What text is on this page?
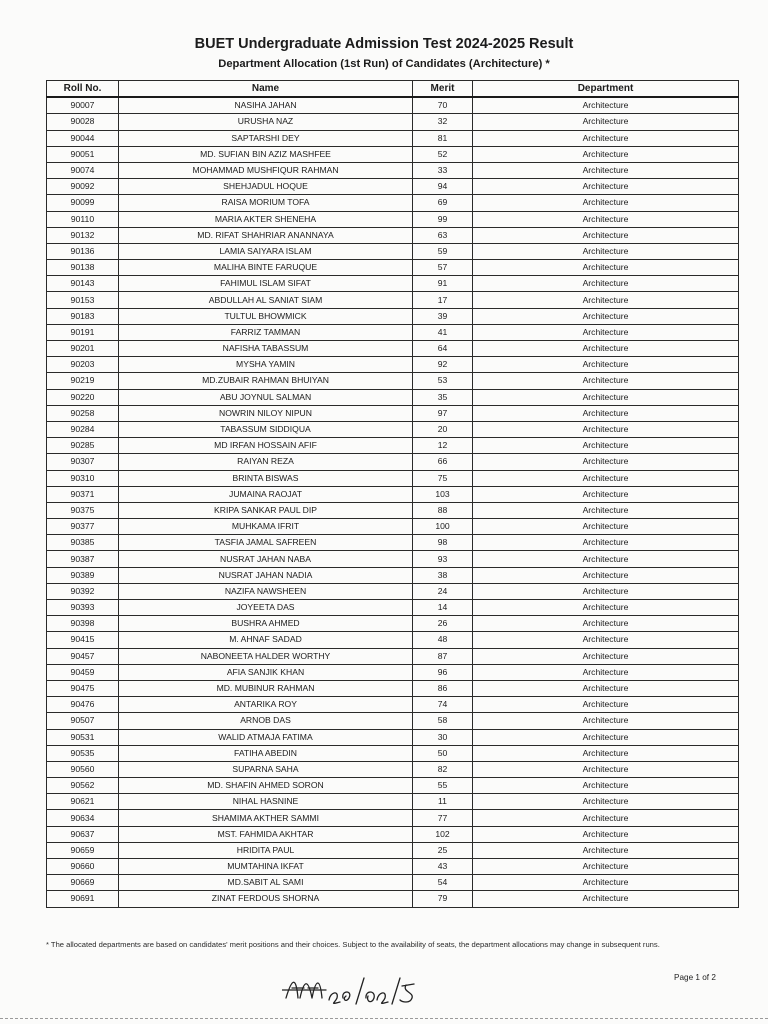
BUET Undergraduate Admission Test 2024-2025 Result
Department Allocation (1st Run) of Candidates (Architecture) *
Roll No.	Name	Merit	Department
90007	NASIHA JAHAN	70	Architecture
90028	URUSHA NAZ	32	Architecture
90044	SAPTARSHI DEY	81	Architecture
90051	MD. SUFIAN BIN AZIZ MASHFEE	52	Architecture
90074	MOHAMMAD MUSHFIQUR RAHMAN	33	Architecture
90092	SHEHJADUL HOQUE	94	Architecture
90099	RAISA MORIUM TOFA	69	Architecture
90110	MARIA AKTER SHENEHA	99	Architecture
90132	MD. RIFAT SHAHRIAR ANANNAYA	63	Architecture
90136	LAMIA SAIYARA ISLAM	59	Architecture
90138	MALIHA BINTE FARUQUE	57	Architecture
90143	FAHIMUL ISLAM SIFAT	91	Architecture
90153	ABDULLAH AL SANIAT SIAM	17	Architecture
90183	TULTUL BHOWMICK	39	Architecture
90191	FARRIZ TAMMAN	41	Architecture
90201	NAFISHA TABASSUM	64	Architecture
90203	MYSHA YAMIN	92	Architecture
90219	MD.ZUBAIR RAHMAN BHUIYAN	53	Architecture
90220	ABU JOYNUL SALMAN	35	Architecture
90258	NOWRIN NILOY NIPUN	97	Architecture
90284	TABASSUM SIDDIQUA	20	Architecture
90285	MD IRFAN HOSSAIN AFIF	12	Architecture
90307	RAIYAN REZA	66	Architecture
90310	BRINTA BISWAS	75	Architecture
90371	JUMAINA RAOJAT	103	Architecture
90375	KRIPA SANKAR PAUL DIP	88	Architecture
90377	MUHKAMA IFRIT	100	Architecture
90385	TASFIA JAMAL SAFREEN	98	Architecture
90387	NUSRAT JAHAN NABA	93	Architecture
90389	NUSRAT JAHAN NADIA	38	Architecture
90392	NAZIFA NAWSHEEN	24	Architecture
90393	JOYEETA DAS	14	Architecture
90398	BUSHRA AHMED	26	Architecture
90415	M. AHNAF SADAD	48	Architecture
90457	NABONEETA HALDER WORTHY	87	Architecture
90459	AFIA SANJIK KHAN	96	Architecture
90475	MD. MUBINUR RAHMAN	86	Architecture
90476	ANTARIKA ROY	74	Architecture
90507	ARNOB DAS	58	Architecture
90531	WALID ATMAJA FATIMA	30	Architecture
90535	FATIHA ABEDIN	50	Architecture
90560	SUPARNA SAHA	82	Architecture
90562	MD. SHAFIN AHMED SORON	55	Architecture
90621	NIHAL HASNINE	11	Architecture
90634	SHAMIMA AKTHER SAMMI	77	Architecture
90637	MST. FAHMIDA AKHTAR	102	Architecture
90659	HRIDITA PAUL	25	Architecture
90660	MUMTAHINA IKFAT	43	Architecture
90669	MD.SABIT AL SAMI	54	Architecture
90691	ZINAT FERDOUS SHORNA	79	Architecture
* The allocated departments are based on candidates' merit positions and their choices. Subject to the availability of seats, the department allocations may change in subsequent runs.
Page 1 of 2
